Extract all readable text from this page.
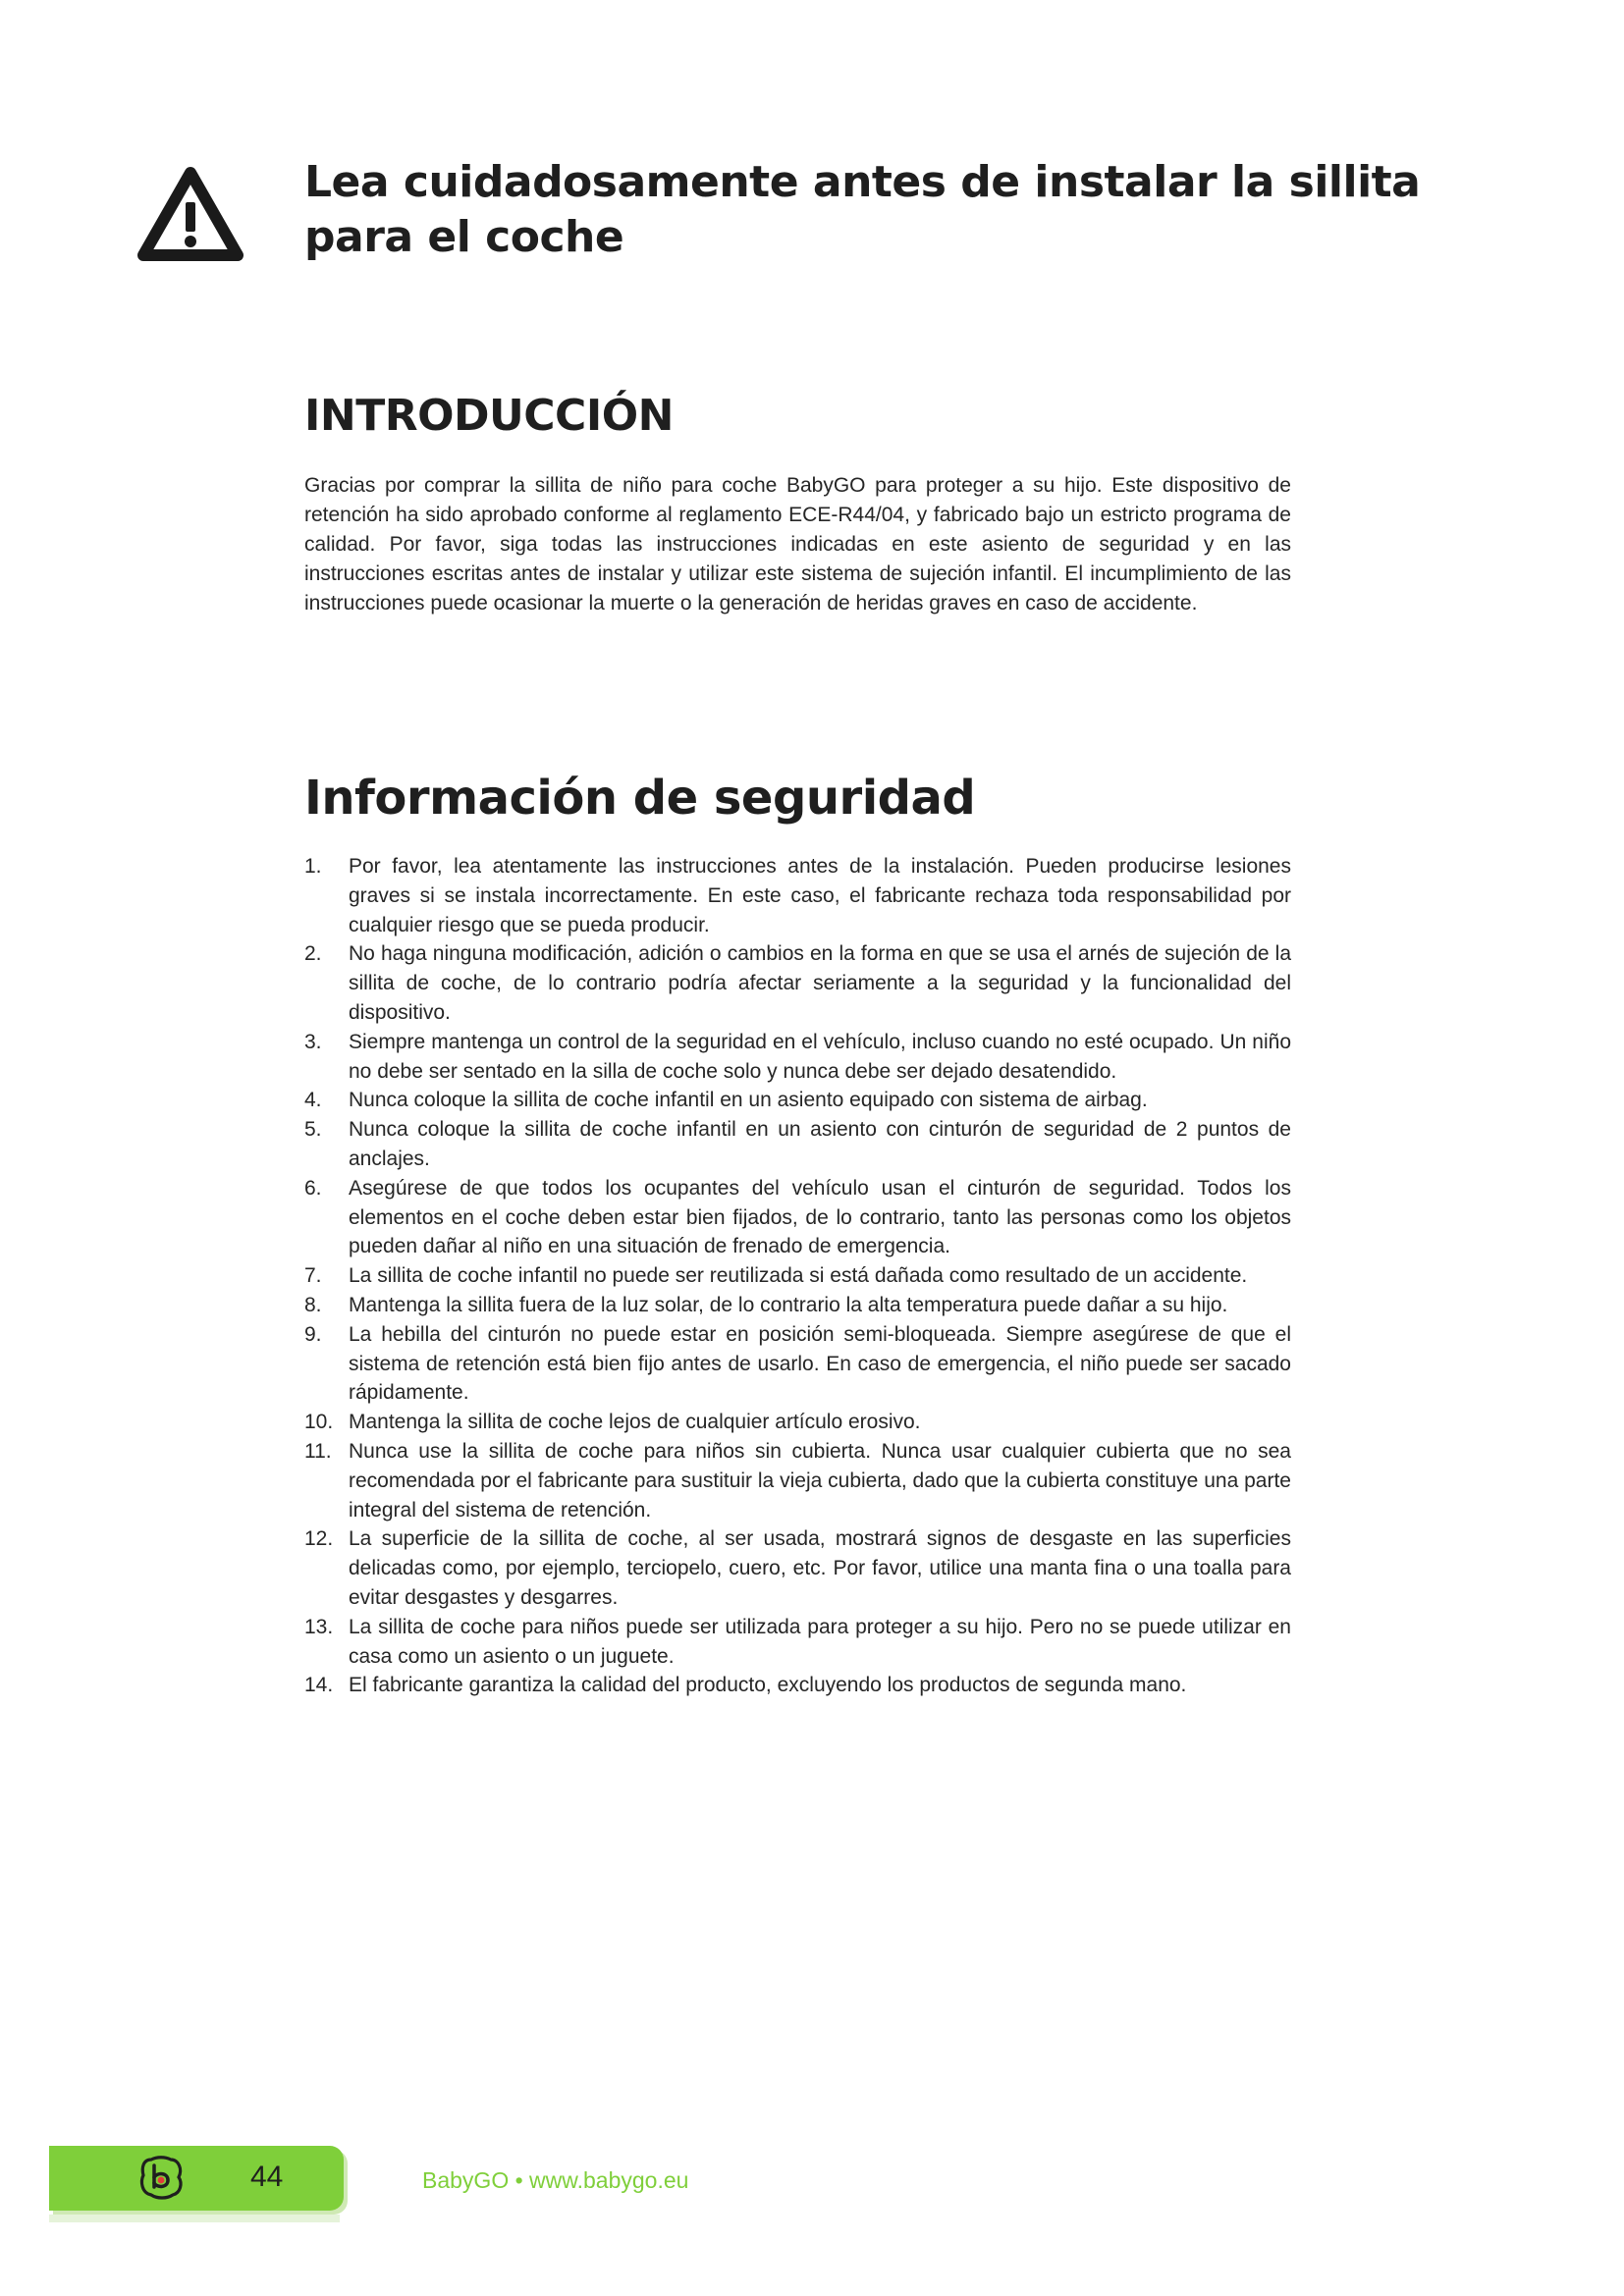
Lea cuidadosamente antes de instalar la sillita para el coche
INTRODUCCIÓN

Gracias por comprar la sillita de niño para coche BabyGO para proteger a su hijo. Este dispositivo de retención ha sido aprobado conforme al reglamento ECE-R44/04, y fabricado bajo un estricto programa de calidad. Por favor, siga todas las instrucciones indicadas en este asiento de seguridad y en las instrucciones escritas antes de instalar y utilizar este sistema de sujeción infantil. El incumplimiento de las instrucciones puede ocasionar la muerte o la generación de heridas graves en caso de accidente.

Información de seguridad
1. Por favor, lea atentamente las instrucciones antes de la instalación. Pueden producirse lesiones graves si se instala incorrectamente. En este caso, el fabricante rechaza toda responsabilidad por cualquier riesgo que se pueda producir.
2. No haga ninguna modificación, adición o cambios en la forma en que se usa el arnés de sujeción de la sillita de coche, de lo contrario podría afectar seriamente a la seguridad y la funcionalidad del dispositivo.
3. Siempre mantenga un control de la seguridad en el vehículo, incluso cuando no esté ocupado. Un niño no debe ser sentado en la silla de coche solo y nunca debe ser dejado desatendido.
4. Nunca coloque la sillita de coche infantil en un asiento equipado con sistema de airbag.
5. Nunca coloque la sillita de coche infantil en un asiento con cinturón de seguridad de 2 puntos de anclajes.
6. Asegúrese de que todos los ocupantes del vehículo usan el cinturón de seguridad. Todos los elementos en el coche deben estar bien fijados, de lo contrario, tanto las personas como los objetos pueden dañar al niño en una situación de frenado de emergencia.
7. La sillita de coche infantil no puede ser reutilizada si está dañada como resultado de un accidente.
8. Mantenga la sillita fuera de la luz solar, de lo contrario la alta temperatura puede dañar a su hijo.
9. La hebilla del cinturón no puede estar en posición semi-bloqueada. Siempre asegúrese de que el sistema de retención está bien fijo antes de usarlo. En caso de emergencia, el niño puede ser sacado rápidamente.
10. Mantenga la sillita de coche lejos de cualquier artículo erosivo.
11. Nunca use la sillita de coche para niños sin cubierta. Nunca usar cualquier cubierta que no sea recomendada por el fabricante para sustituir la vieja cubierta, dado que la cubierta constituye una parte integral del sistema de retención.
12. La superficie de la sillita de coche, al ser usada, mostrará signos de desgaste en las superficies delicadas como, por ejemplo, terciopelo, cuero, etc. Por favor, utilice una manta fina o una toalla para evitar desgastes y desgarres.
13. La sillita de coche para niños puede ser utilizada para proteger a su hijo. Pero no se puede utilizar en casa como un asiento o un juguete.
14. El fabricante garantiza la calidad del producto, excluyendo los productos de segunda mano.
44	BabyGO • www.babygo.eu
